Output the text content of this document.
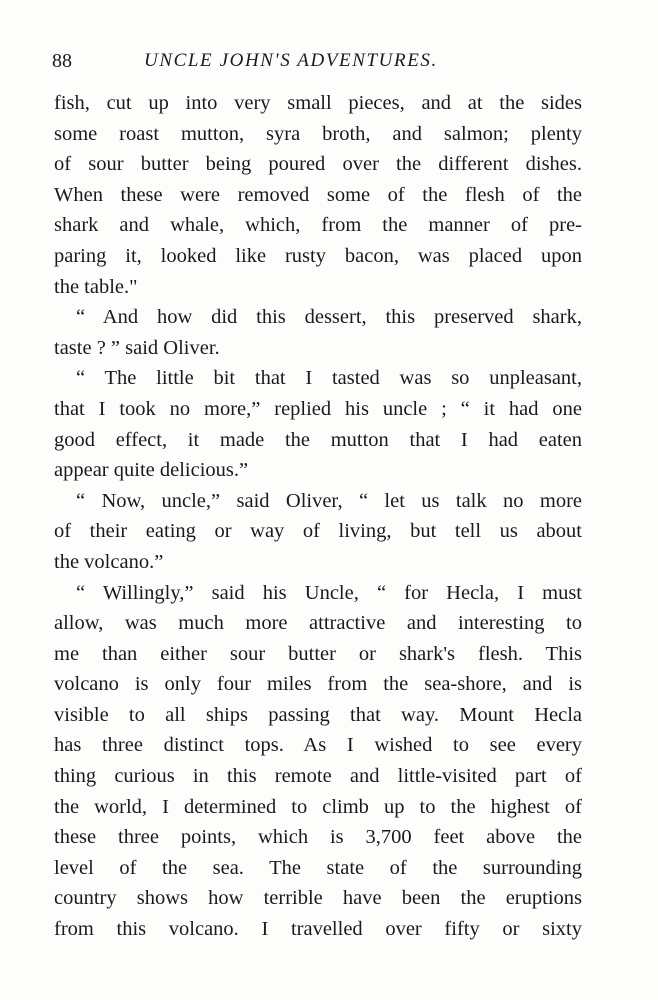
88	UNCLE JOHN'S ADVENTURES.
fish, cut up into very small pieces, and at the sides
some roast mutton, syra broth, and salmon; plenty
of sour butter being poured over the different dishes.
When these were removed some of the flesh of the
shark and whale, which, from the manner of pre-
paring it, looked like rusty bacon, was placed upon
the table."
“ And how did this dessert, this preserved shark,
taste ? ” said Oliver.
“ The little bit that I tasted was so unpleasant,
that I took no more,” replied his uncle ; “ it had one
good effect, it made the mutton that I had eaten
appear quite delicious.”
“ Now, uncle,” said Oliver, “ let us talk no more
of their eating or way of living, but tell us about
the volcano.”
“ Willingly,” said his Uncle, “ for Hecla, I must
allow, was much more attractive and interesting to
me than either sour butter or shark's flesh. This
volcano is only four miles from the sea-shore, and is
visible to all ships passing that way. Mount Hecla
has three distinct tops. As I wished to see every
thing curious in this remote and little-visited part of
the world, I determined to climb up to the highest of
these three points, which is 3,700 feet above the
level of the sea. The state of the surrounding
country shows how terrible have been the eruptions
from this volcano. I travelled over fifty or sixty
